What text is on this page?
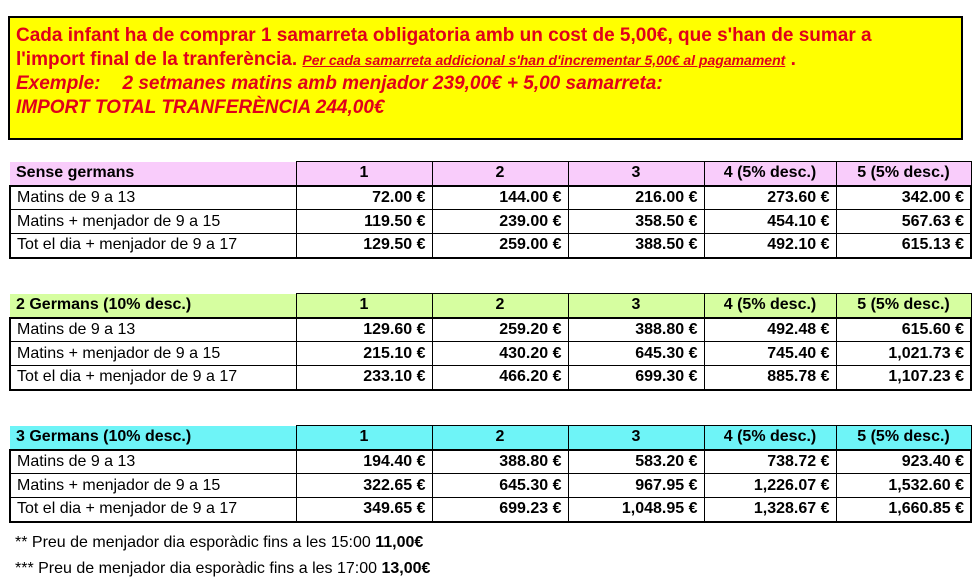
Cada infant ha de comprar 1 samarreta obligatoria amb un cost de 5,00€, que s'han de sumar a
l'import final de la tranferència. Per cada samarreta addicional s'han d'incrementar 5,00€ al pagamament .
Exemple: 2 setmanes matins amb menjador 239,00€ + 5,00 samarreta:
IMPORT TOTAL TRANFERÈNCIA 244,00€
Sense germans	1	2	3	4 (5% desc.)	5 (5% desc.)
Matins de 9 a 13	72.00 €	144.00 €	216.00 €	273.60 €	342.00 €
Matins + menjador de 9 a 15	119.50 €	239.00 €	358.50 €	454.10 €	567.63 €
Tot el dia + menjador de 9 a 17	129.50 €	259.00 €	388.50 €	492.10 €	615.13 €
2 Germans (10% desc.)	1	2	3	4 (5% desc.)	5 (5% desc.)
Matins de 9 a 13	129.60 €	259.20 €	388.80 €	492.48 €	615.60 €
Matins + menjador de 9 a 15	215.10 €	430.20 €	645.30 €	745.40 €	1,021.73 €
Tot el dia + menjador de 9 a 17	233.10 €	466.20 €	699.30 €	885.78 €	1,107.23 €
3 Germans (10% desc.)	1	2	3	4 (5% desc.)	5 (5% desc.)
Matins de 9 a 13	194.40 €	388.80 €	583.20 €	738.72 €	923.40 €
Matins + menjador de 9 a 15	322.65 €	645.30 €	967.95 €	1,226.07 €	1,532.60 €
Tot el dia + menjador de 9 a 17	349.65 €	699.23 €	1,048.95 €	1,328.67 €	1,660.85 €
** Preu de menjador dia esporàdic fins a les 15:00 11,00€
*** Preu de menjador dia esporàdic fins a les 17:00 13,00€
